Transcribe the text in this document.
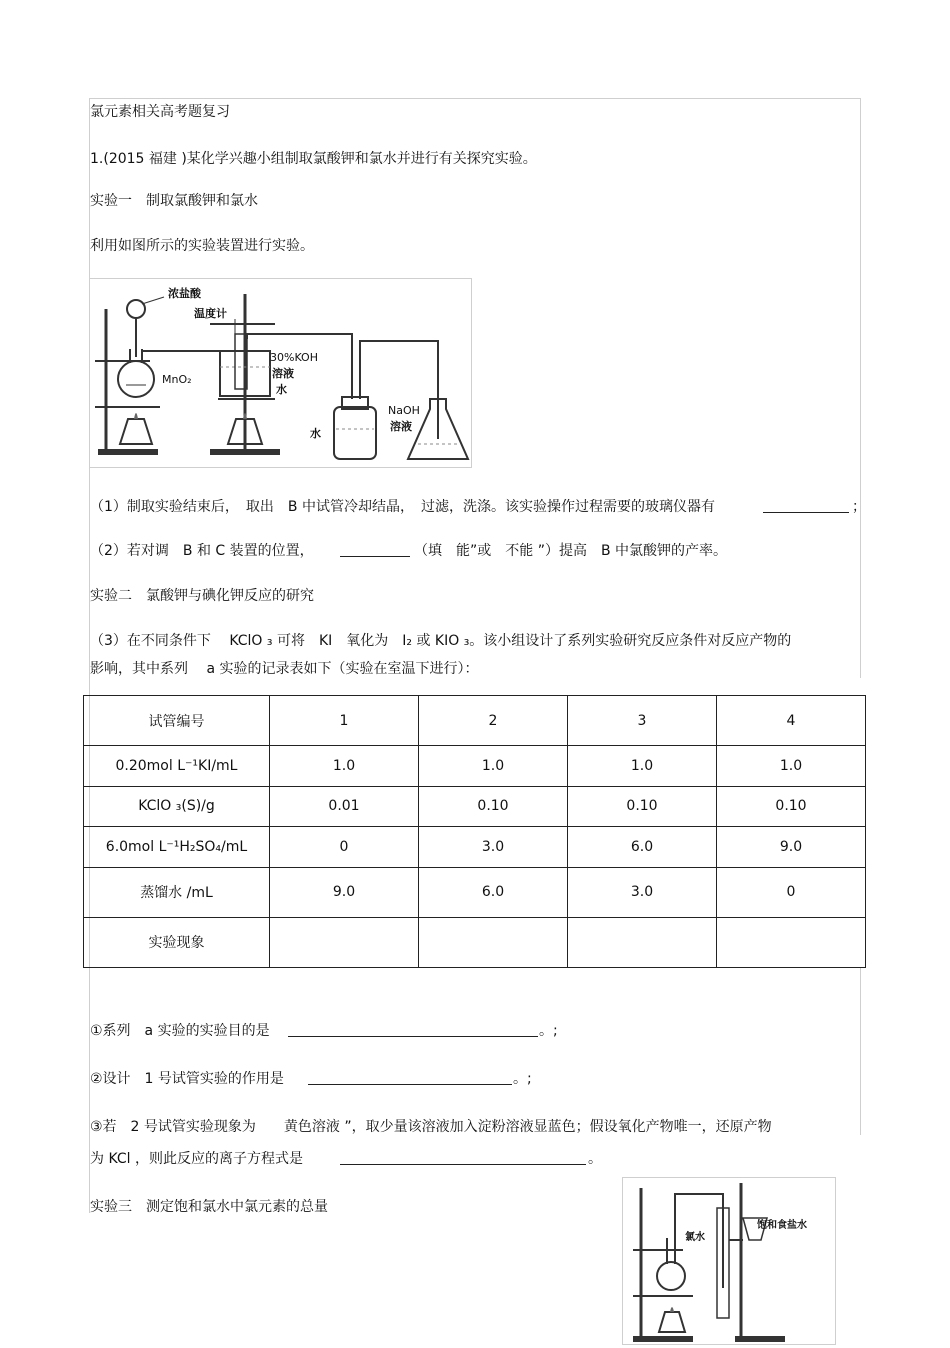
氯元素相关高考题复习
1.(2015 福建 )某化学兴趣小组制取氯酸钾和氯水并进行有关探究实验。
实验一　制取氯酸钾和氯水
利用如图所示的实验装置进行实验。
浓盐酸
温度计
MnO₂
30%KOH
溶液
水
水
NaOH
溶液
（1）制取实验结束后，　取出　B 中试管冷却结晶，　过滤，洗涤。该实验操作过程需要的玻璃仪器有	；
（2）若对调　B 和 C 装置的位置，	（填　能”或　不能 ”）提高　B 中氯酸钾的产率。
实验二　氯酸钾与碘化钾反应的研究
（3）在不同条件下　 KClO ₃ 可将　KI　氧化为　I₂ 或 KIO ₃。该小组设计了系列实验研究反应条件对反应产物的
影响，其中系列　 a 实验的记录表如下（实验在室温下进行）：
试管编号	1	2	3	4
0.20mol L⁻¹KI/mL	1.0	1.0	1.0	1.0
KClO ₃(S)/g	0.01	0.10	0.10	0.10
6.0mol L⁻¹H₂SO₄/mL	0	3.0	6.0	9.0
蒸馏水 /mL	9.0	6.0	3.0	0
实验现象				
①系列　a 实验的实验目的是	。;
②设计　1 号试管实验的作用是	。;
③若　2 号试管实验现象为　　黄色溶液 ”，取少量该溶液加入淀粉溶液显蓝色；假设氧化产物唯一，还原产物
为 KCl ，则此反应的离子方程式是	。
实验三　测定饱和氯水中氯元素的总量
饱和食盐水
氯水
